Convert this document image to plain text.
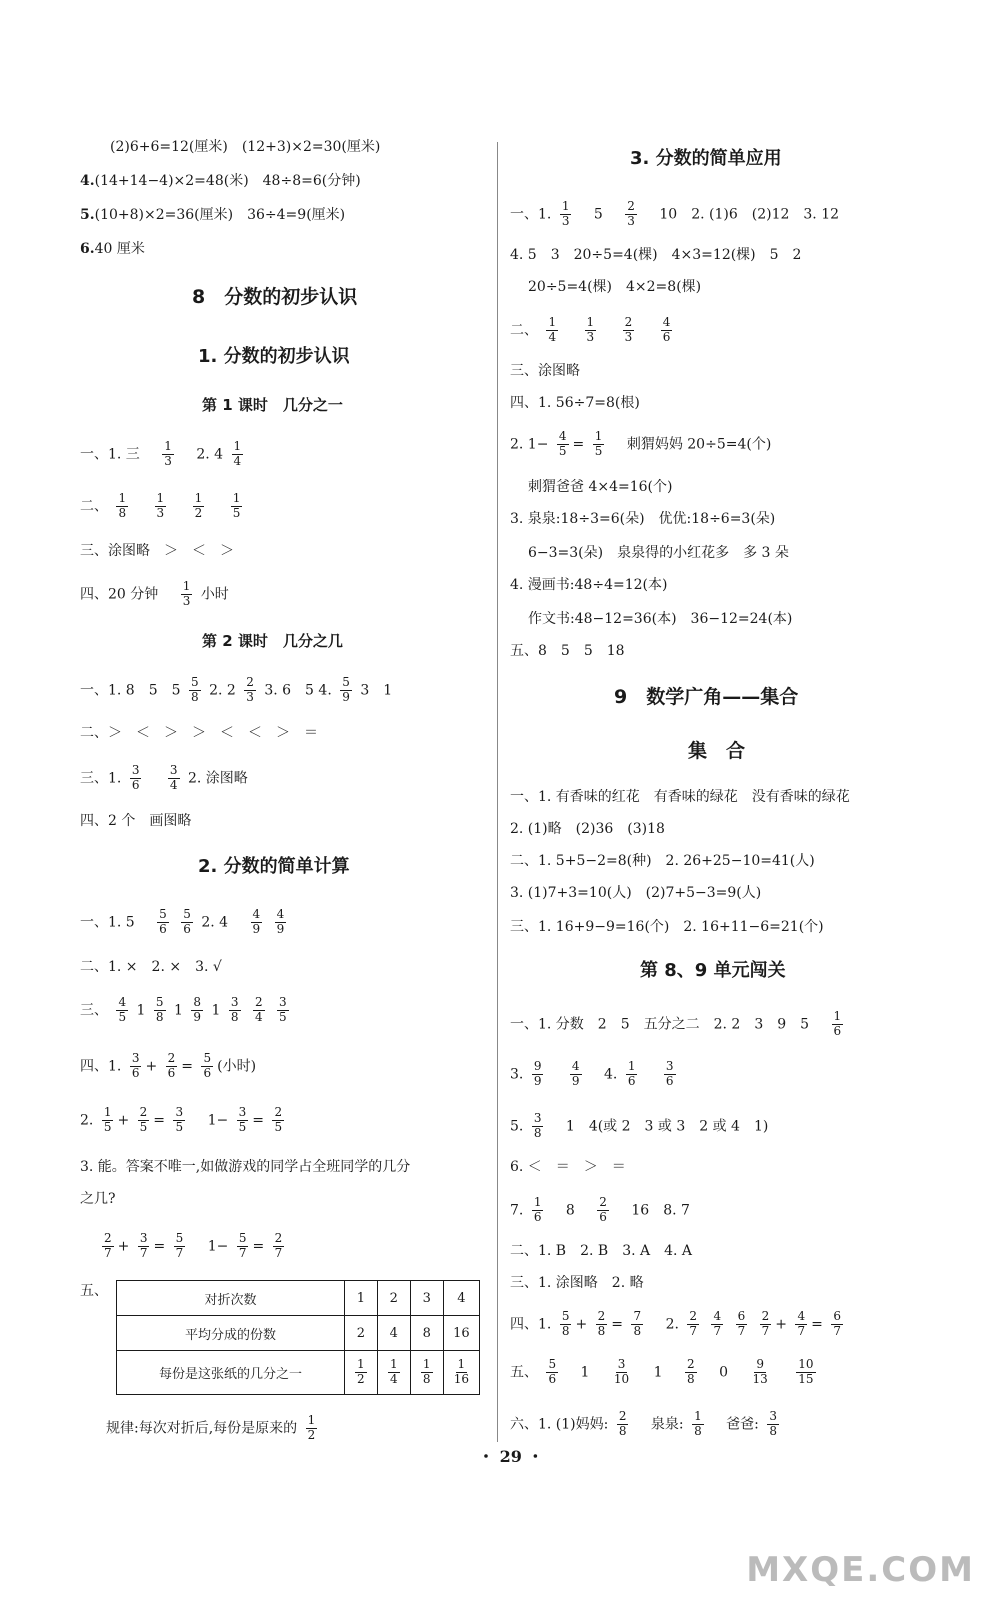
(2)6+6=12(厘米)　(12+3)×2=30(厘米)
4.(14+14−4)×2=48(米)　48÷8=6(分钟)
5.(10+8)×2=36(厘米)　36÷4=9(厘米)
6.40 厘米
8　分数的初步认识
1. 分数的初步认识
第 1 课时　几分之一
一、1. 三 $\frac{1}{3} 2$. $4 \frac{1}{4}$
二、 $\frac{1}{8}$
$\frac{1}{3}$
$\frac{1}{2}$
$\frac{1}{5}$
三、涂图略　＞　＜　＞
四、20 分钟 $\frac{1}{3}$ 小时
第 2 课时　几分之几
一、1. 8　5　$5 \frac{5}{8} 2$. $2 \frac{2}{3} 3$. 6　5 4. $\frac{5}{9} 3$　1
二、＞　＜　＞　＞　＜　＜　＞　＝
三、1. $\frac{3}{6}$
$\frac{3}{4} 2$. 涂图略
四、2 个　画图略
2. 分数的简单计算
一、1. $5 \frac{5}{6}$
$\frac{5}{6} 2$. $4 \frac{4}{9}$
$\frac{4}{9}$
二、1. ×　2. ×　3. √
三、 $\frac{4}{5} 1 \frac{5}{8} 1 \frac{8}{9} 1 \frac{3}{8}$
$\frac{2}{4}$
$\frac{3}{5}$
四、1. $\frac{3}{6} + \frac{2}{6} = \frac{5}{6}$ (小时)
2. $\frac{1}{5} + \frac{2}{5} = \frac{3}{5} 1- \frac{3}{5} = \frac{2}{5}$
3. 能。答案不唯一,如做游戏的同学占全班同学的几分
之几?
$\frac{2}{7} + \frac{3}{7} = \frac{5}{7} 1- \frac{5}{7} = \frac{2}{7}$
五、
对折次数	1	2	3	4
平均分成的份数	2	4	8	16
每份是这张纸的几分之一	$\frac{1}{2}$	$\frac{1}{4}$	$\frac{1}{8}$	$\frac{1}{16}$
规律:每次对折后,每份是原来的 $\frac{1}{2}$
3. 分数的简单应用
一、1. $\frac{1}{3} 5 \frac{2}{3} 10$　2. (1)6　(2)12　3. 12
4. 5　3　20÷5=4(棵)　4×3=12(棵)　5　2
20÷5=4(棵)　4×2=8(棵)
二、 $\frac{1}{4}$
$\frac{1}{3}$
$\frac{2}{3}$
$\frac{4}{6}$
三、涂图略
四、1. 56÷7=8(根)
2. $1- \frac{4}{5} = \frac{1}{5}$ 刺猬妈妈 20÷5=4(个)
刺猬爸爸 4×4=16(个)
3. 泉泉:18÷3=6(朵)　优优:18÷6=3(朵)
6−3=3(朵)　泉泉得的小红花多　多 3 朵
4. 漫画书:48÷4=12(本)
作文书:48−12=36(本)　36−12=24(本)
五、8　5　5　18
9　数学广角——集合
集　合
一、1. 有香味的红花　有香味的绿花　没有香味的绿花
2. (1)略　(2)36　(3)18
二、1. 5+5−2=8(种)　2. 26+25−10=41(人)
3. (1)7+3=10(人)　(2)7+5−3=9(人)
三、1. 16+9−9=16(个)　2. 16+11−6=21(个)
第 8、9 单元闯关
一、1. 分数　2　5　五分之二　2. 2　3　9　$5 \frac{1}{6}$
3. $\frac{9}{9}$
$\frac{4}{9} 4$. $\frac{1}{6}$
$\frac{3}{6}$
5. $\frac{3}{8} 1$　4(或 2　3 或 3　2 或 4　1)
6. ＜　＝　＞　＝
7. $\frac{1}{6} 8 \frac{2}{6} 16$　8. 7
二、1. B　2. B　3. A　4. A
三、1. 涂图略　2. 略
四、1. $\frac{5}{8} + \frac{2}{8} = \frac{7}{8} 2$. $\frac{2}{7}$
$\frac{4}{7}$
$\frac{6}{7}$
$\frac{2}{7} + \frac{4}{7} = \frac{6}{7}$
五、 $\frac{5}{6} 1 \frac{3}{10} 1 \frac{2}{8} 0 \frac{9}{13}$
$\frac{10}{15}$
六、1. (1)妈妈: $\frac{2}{8}$ 泉泉: $\frac{1}{8}$ 爸爸: $\frac{3}{8}$
・ 29 ・
MXQE.COM
